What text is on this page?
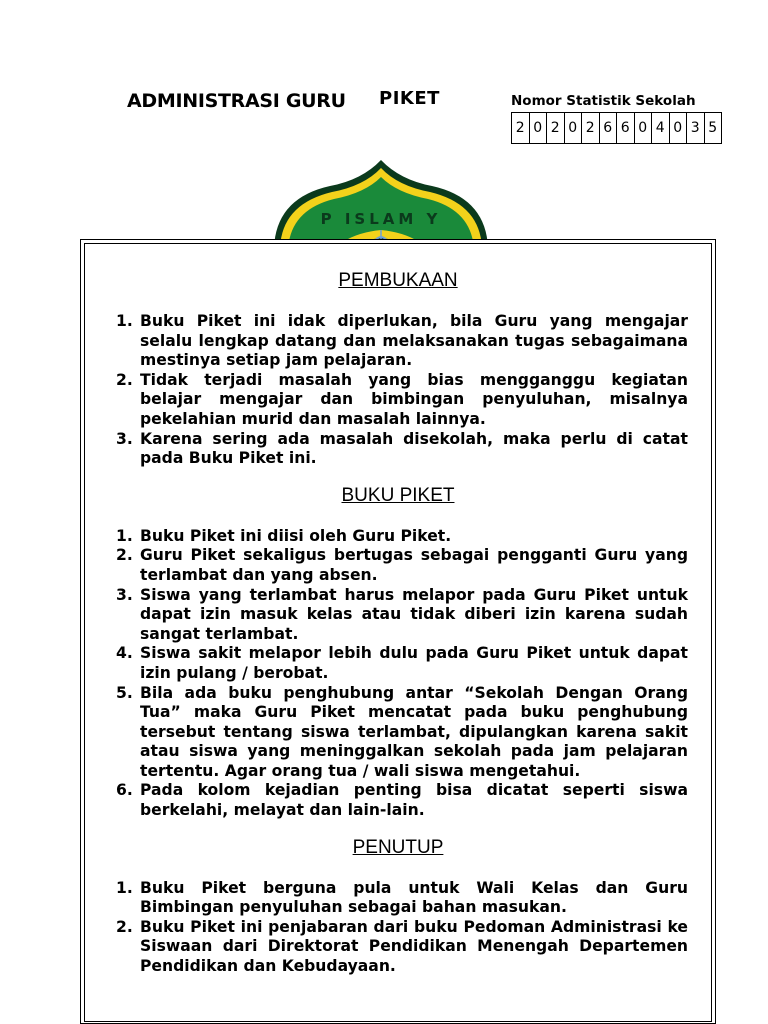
ADMINISTRASI GURU PIKET	Nomor Statistik Sekolah
2 0 2 0 2 6 6 0 4 0 3 5
P ISLAM Y
PEMBUKAAN
1. Buku Piket ini idak diperlukan, bila Guru yang mengajar selalu lengkap datang dan melaksanakan tugas sebagaimana mestinya setiap jam pelajaran.
2. Tidak terjadi masalah yang bias mengganggu kegiatan belajar mengajar dan bimbingan penyuluhan, misalnya pekelahian murid dan masalah lainnya.
3. Karena sering ada masalah disekolah, maka perlu di catat pada Buku Piket ini.
BUKU PIKET
1. Buku Piket ini diisi oleh Guru Piket.
2. Guru Piket sekaligus bertugas sebagai pengganti Guru yang terlambat dan yang absen.
3. Siswa yang terlambat harus melapor pada Guru Piket untuk dapat izin masuk kelas atau tidak diberi izin karena sudah sangat terlambat.
4. Siswa sakit melapor lebih dulu pada Guru Piket untuk dapat izin pulang / berobat.
5. Bila ada buku penghubung antar “Sekolah Dengan Orang Tua” maka Guru Piket mencatat pada buku penghubung tersebut tentang siswa terlambat, dipulangkan karena sakit atau siswa yang meninggalkan sekolah pada jam pelajaran tertentu. Agar orang tua / wali siswa mengetahui.
6. Pada kolom kejadian penting bisa dicatat seperti siswa berkelahi, melayat dan lain-lain.
PENUTUP
1. Buku Piket berguna pula untuk Wali Kelas dan Guru Bimbingan penyuluhan sebagai bahan masukan.
2. Buku Piket ini penjabaran dari buku Pedoman Administrasi ke Siswaan dari Direktorat Pendidikan Menengah Departemen Pendidikan dan Kebudayaan.
